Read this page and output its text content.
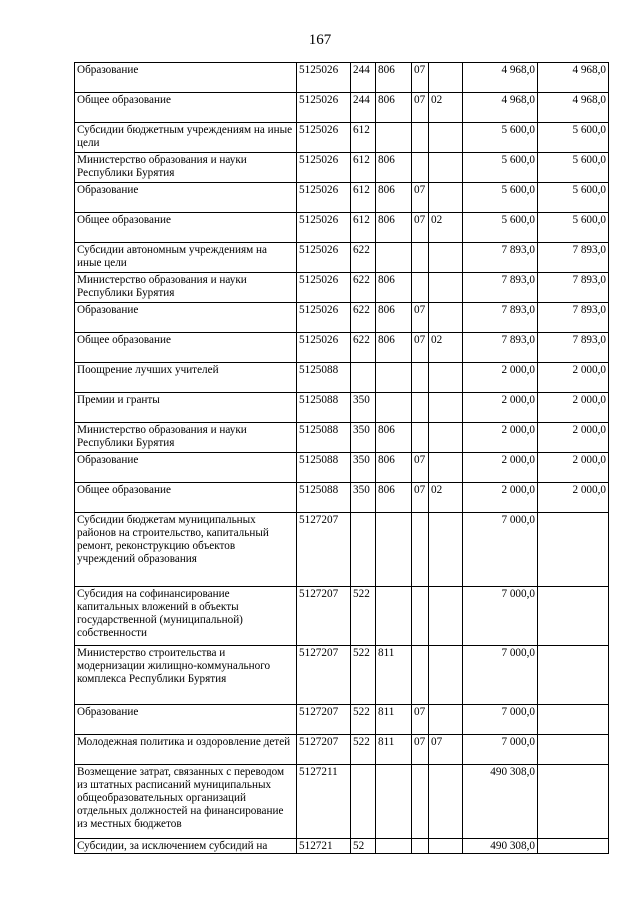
167
Образование	5125026	244	806	07		4 968,0	4 968,0
Общее образование	5125026	244	806	07	02	4 968,0	4 968,0
Субсидии бюджетным учреждениям на иные цели	5125026	612				5 600,0	5 600,0
Министерство образования и науки Республики Бурятия	5125026	612	806			5 600,0	5 600,0
Образование	5125026	612	806	07		5 600,0	5 600,0
Общее образование	5125026	612	806	07	02	5 600,0	5 600,0
Субсидии автономным учреждениям на иные цели	5125026	622				7 893,0	7 893,0
Министерство образования и науки Республики Бурятия	5125026	622	806			7 893,0	7 893,0
Образование	5125026	622	806	07		7 893,0	7 893,0
Общее образование	5125026	622	806	07	02	7 893,0	7 893,0
Поощрение лучших учителей	5125088					2 000,0	2 000,0
Премии и гранты	5125088	350				2 000,0	2 000,0
Министерство образования и науки Республики Бурятия	5125088	350	806			2 000,0	2 000,0
Образование	5125088	350	806	07		2 000,0	2 000,0
Общее образование	5125088	350	806	07	02	2 000,0	2 000,0
Субсидии бюджетам муниципальных районов на строительство, капитальный ремонт, реконструкцию объектов учреждений образования	5127207					7 000,0	
Субсидия на софинансирование капитальных вложений в объекты государственной (муниципальной) собственности	5127207	522				7 000,0	
Министерство строительства и модернизации жилищно-коммунального комплекса Республики Бурятия	5127207	522	811			7 000,0	
Образование	5127207	522	811	07		7 000,0	
Молодежная политика и оздоровление детей	5127207	522	811	07	07	7 000,0	
Возмещение затрат, связанных с переводом из штатных расписаний муниципальных общеобразовательных организаций отдельных должностей на финансирование из местных бюджетов	5127211					490 308,0	
Субсидии, за исключением субсидий на	512721	52				490 308,0	
